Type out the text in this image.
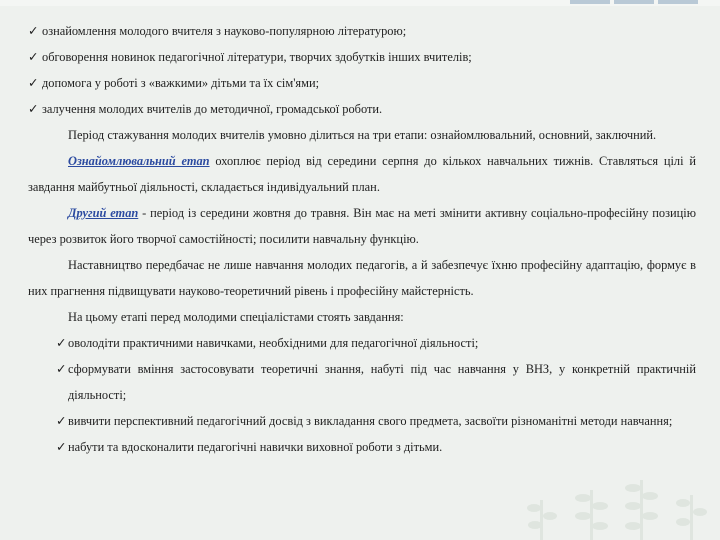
✓ ознайомлення молодого вчителя з науково-популярною літературою;

✓ обговорення новинок педагогічної літератури, творчих здобутків інших вчителів;

✓ допомога у роботі з «важкими» дітьми та їх сім'ями;

✓ залучення молодих вчителів до методичної, громадської роботи.

Період стажування молодих вчителів умовно ділиться на три етапи: ознайомлювальний, основний, заключний.

Ознайомлювальний етап охоплює період від середини серпня до кількох навчальних тижнів. Ставляться цілі й завдання майбутньої діяльності, складається індивідуальний план.

Другий етап - період із середини жовтня до травня. Він має на меті змінити активну соціально-професійну позицію через розвиток його творчої самостійності; посилити навчальну функцію.

Наставництво передбачає не лише навчання молодих педагогів, а й забезпечує їхню професійну адаптацію, формує в них прагнення підвищувати науково-теоретичний рівень і професійну майстерність.

На цьому етапі перед молодими спеціалістами стоять завдання:

✓ оволодіти практичними навичками, необхідними для педагогічної діяльності;

✓ сформувати вміння застосовувати теоретичні знання, набуті під час навчання у ВНЗ, у конкретній практичній діяльності;

✓ вивчити перспективний педагогічний досвід з викладання свого предмета, засвоїти різноманітні методи навчання;

✓ набути та вдосконалити педагогічні навички виховної роботи з дітьми.
